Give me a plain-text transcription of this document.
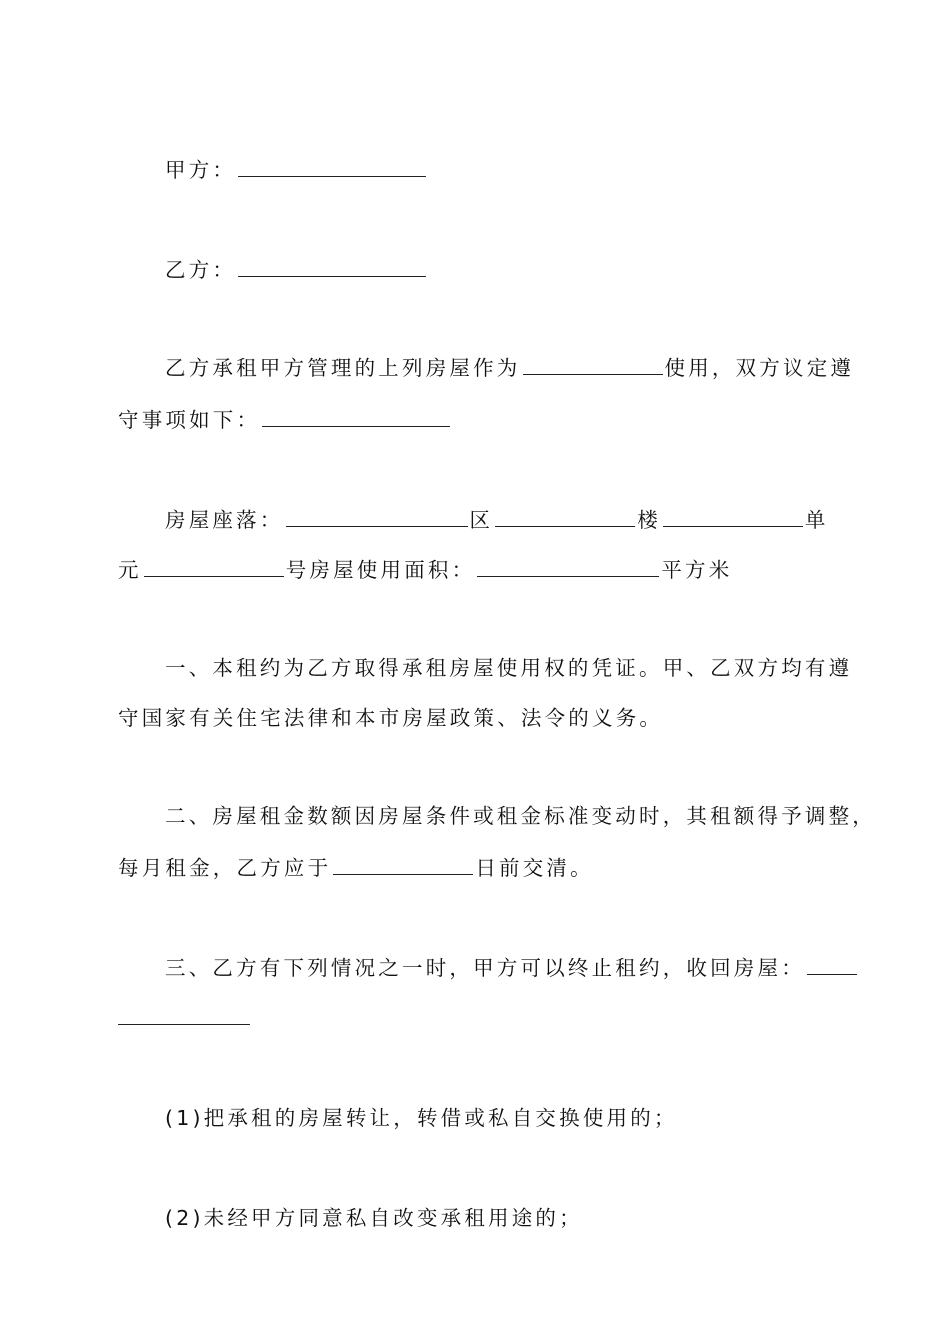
甲方：
乙方：
乙方承租甲方管理的上列房屋作为	使用，双方议定遵
守事项如下：
房屋座落：	区	楼	单
元	号房屋使用面积：	平方米
一、本租约为乙方取得承租房屋使用权的凭证。甲、乙双方均有遵
守国家有关住宅法律和本市房屋政策、法令的义务。
二、房屋租金数额因房屋条件或租金标准变动时，其租额得予调整，
每月租金，乙方应于	日前交清。
三、乙方有下列情况之一时，甲方可以终止租约，收回房屋：
(1)把承租的房屋转让，转借或私自交换使用的；
(2)未经甲方同意私自改变承租用途的；
